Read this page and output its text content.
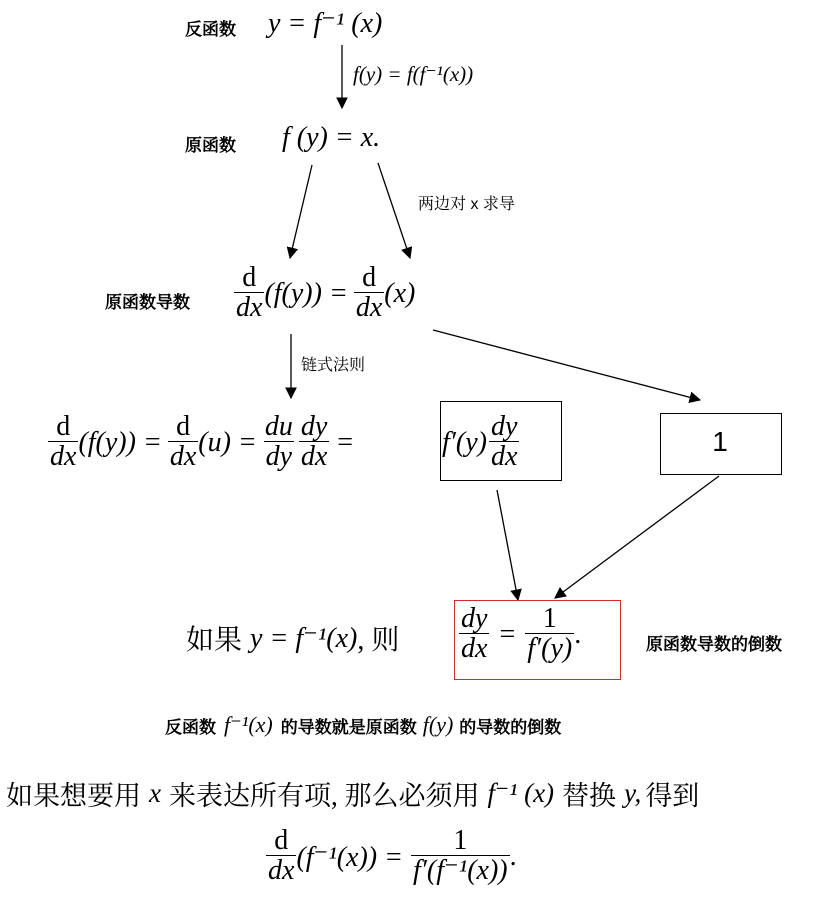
反函数 y = f⁻¹ (x)
f(y) = f(f⁻¹(x))
原函数 f (y) = x.
两边对 x 求导
原函数导数 $\frac{d}{dx} (f(y)) = \frac{d}{dx} (x)$
链式法则
$\frac{d}{dx} (f(y)) = \frac{d}{dx} (u) = \frac{du}{dy} \frac{dy}{dx}$ =	$f'(y) \frac{dy}{dx}$	1
如果 y = f⁻¹(x) , 则 $\frac{dy}{dx} = \frac{1}{f'(y)}$ .	原函数导数的倒数
反函数 f⁻¹(x) 的导数就是原函数 f(y) 的导数的倒数
如果想要用 x 来表达所有项, 那么必须用 f⁻¹ (x) 替换 y, 得到
$\frac{d}{dx} (f^{-1}(x)) = \frac{1}{\text{f′(f⁻¹(x))}}$ .
